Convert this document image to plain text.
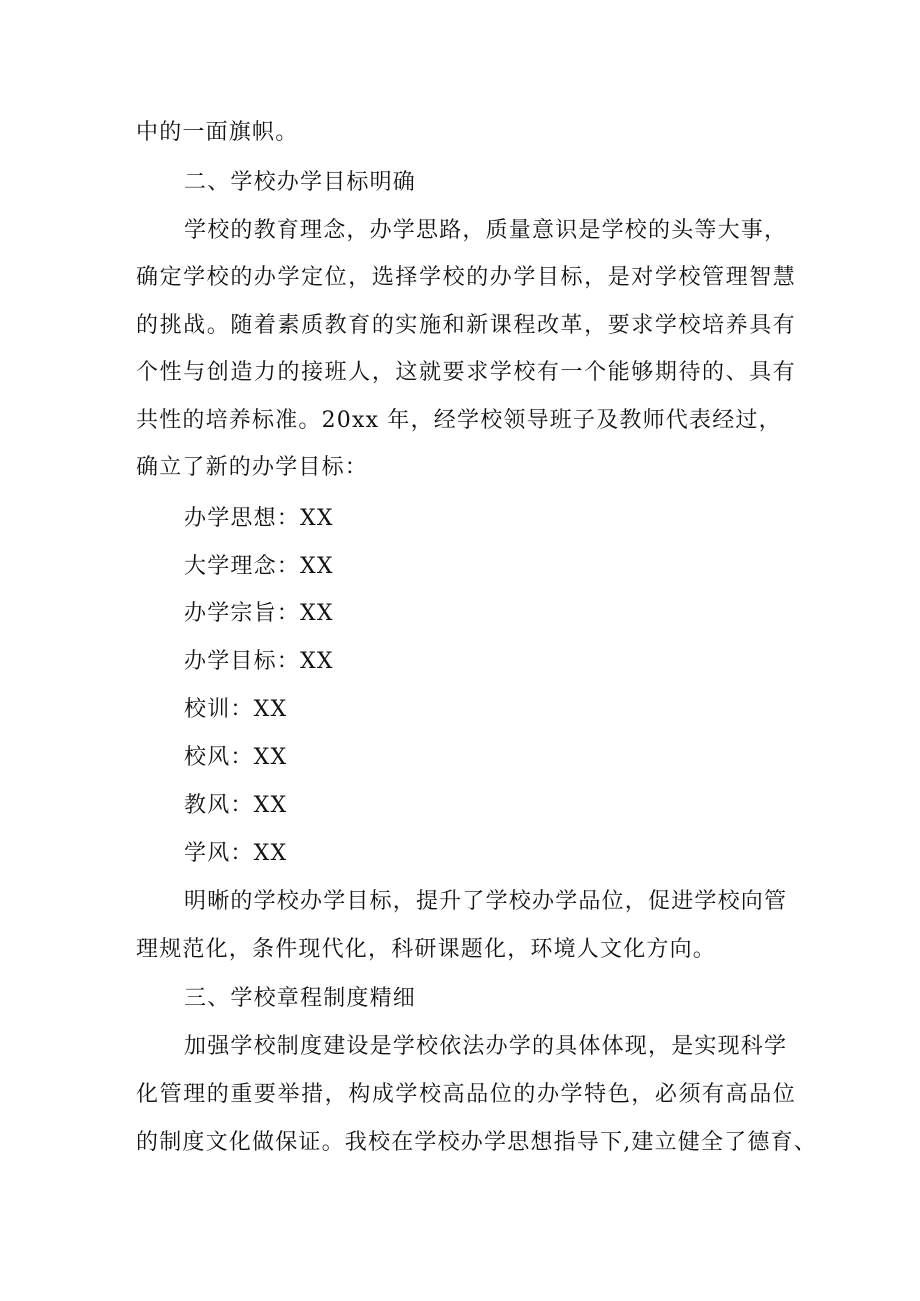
中的一面旗帜。
二、学校办学目标明确
学校的教育理念，办学思路，质量意识是学校的头等大事，
确定学校的办学定位，选择学校的办学目标，是对学校管理智慧
的挑战。随着素质教育的实施和新课程改革，要求学校培养具有
个性与创造力的接班人，这就要求学校有一个能够期待的、具有
共性的培养标准。20xx 年，经学校领导班子及教师代表经过，
确立了新的办学目标：
办学思想：XX
大学理念：XX
办学宗旨：XX
办学目标：XX
校训：XX
校风：XX
教风：XX
学风：XX
明晰的学校办学目标，提升了学校办学品位，促进学校向管
理规范化，条件现代化，科研课题化，环境人文化方向。
三、学校章程制度精细
加强学校制度建设是学校依法办学的具体体现，是实现科学
化管理的重要举措，构成学校高品位的办学特色，必须有高品位
的制度文化做保证。我校在学校办学思想指导下,建立健全了德育、
